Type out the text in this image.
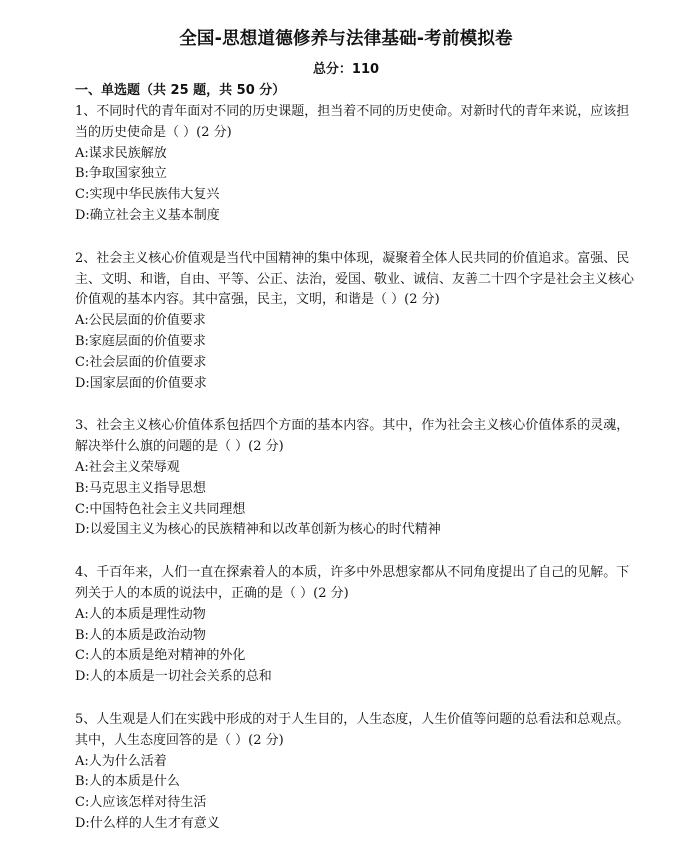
全国-思想道德修养与法律基础-考前模拟卷
总分：110
一、单选题（共 25 题，共 50 分）

1、不同时代的青年面对不同的历史课题，担当着不同的历史使命。对新时代的青年来说，应该担当的历史使命是（ ）(2 分)

A:谋求民族解放
B:争取国家独立
C:实现中华民族伟大复兴
D:确立社会主义基本制度

2、社会主义核心价值观是当代中国精神的集中体现，凝聚着全体人民共同的价值追求。富强、民主、文明、和谐，自由、平等、公正、法治，爱国、敬业、诚信、友善二十四个字是社会主义核心价值观的基本内容。其中富强，民主，文明，和谐是（ ）(2 分)

A:公民层面的价值要求
B:家庭层面的价值要求
C:社会层面的价值要求
D:国家层面的价值要求

3、社会主义核心价值体系包括四个方面的基本内容。其中，作为社会主义核心价值体系的灵魂，解决举什么旗的问题的是（ ）(2 分)

A:社会主义荣辱观
B:马克思主义指导思想
C:中国特色社会主义共同理想
D:以爱国主义为核心的民族精神和以改革创新为核心的时代精神

4、千百年来，人们一直在探索着人的本质，许多中外思想家都从不同角度提出了自己的见解。下列关于人的本质的说法中，正确的是（ ）(2 分)

A:人的本质是理性动物
B:人的本质是政治动物
C:人的本质是绝对精神的外化
D:人的本质是一切社会关系的总和

5、人生观是人们在实践中形成的对于人生目的，人生态度，人生价值等问题的总看法和总观点。其中，人生态度回答的是（ ）(2 分)

A:人为什么活着
B:人的本质是什么
C:人应该怎样对待生活
D:什么样的人生才有意义
